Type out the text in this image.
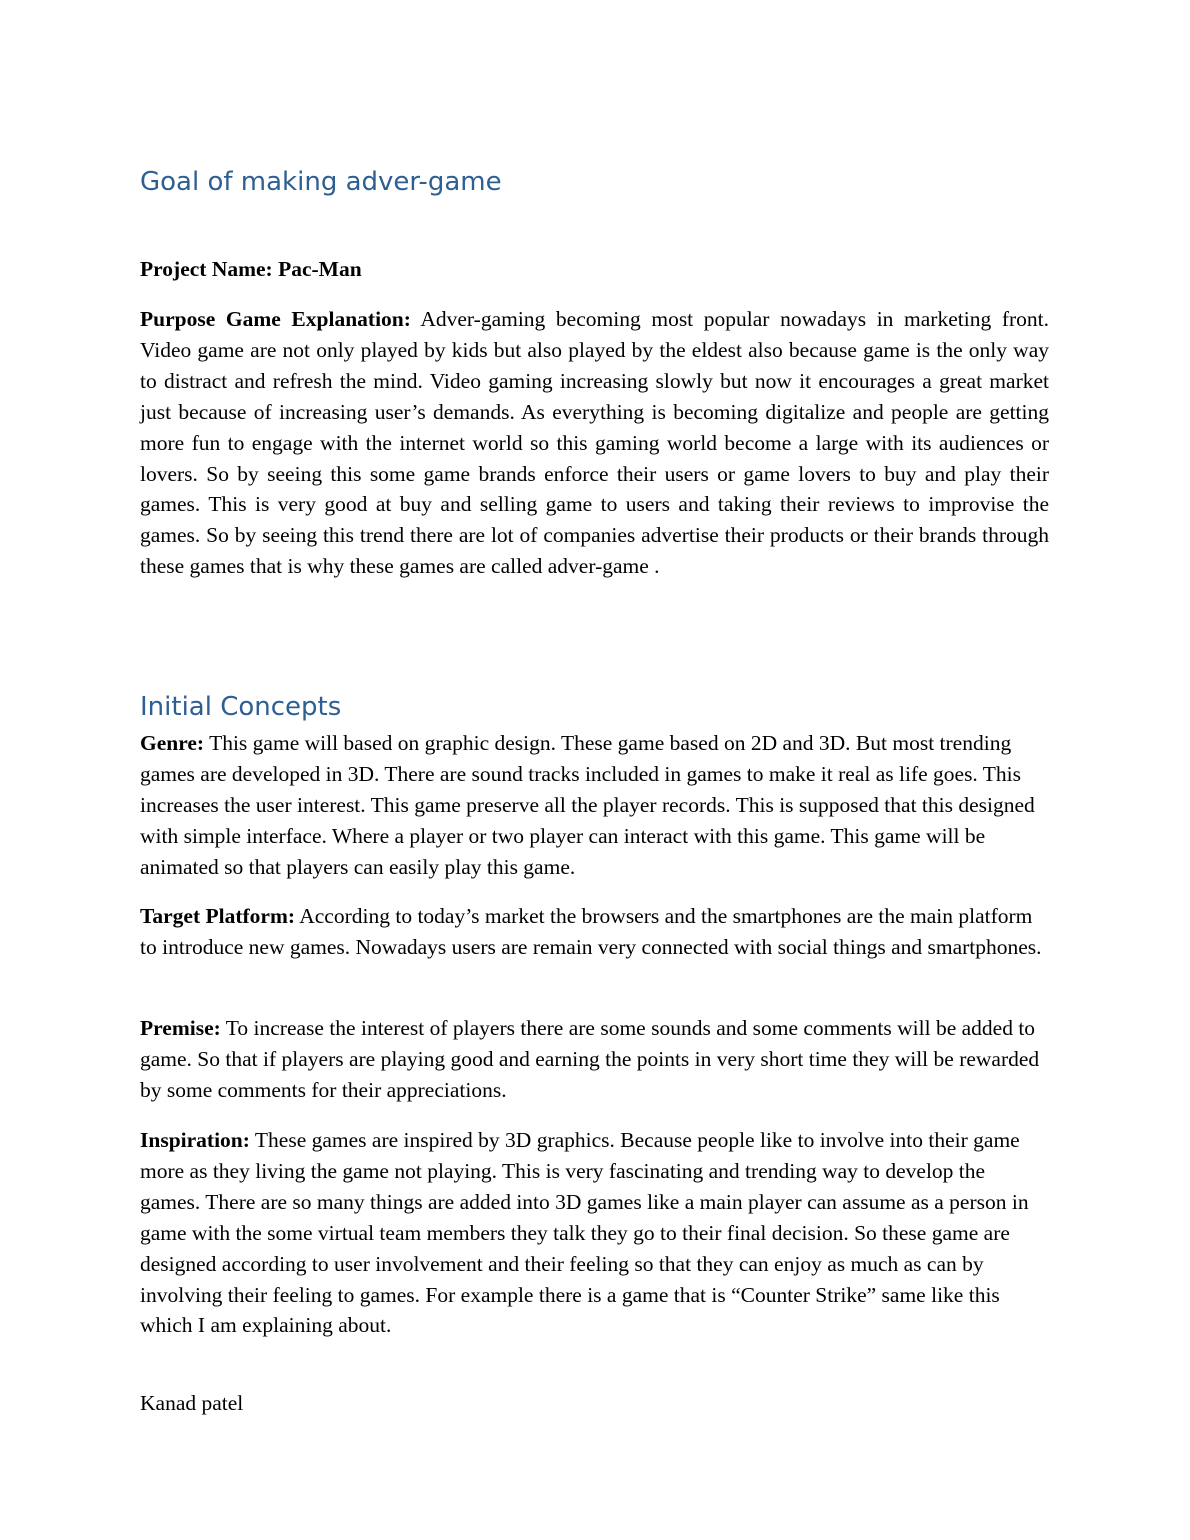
Goal of making adver-game

Project Name: Pac-Man

Purpose Game Explanation: Adver-gaming becoming most popular nowadays in marketing front. Video game are not only played by kids but also played by the eldest also because game is the only way to distract and refresh the mind. Video gaming increasing slowly but now it encourages a great market just because of increasing user’s demands. As everything is becoming digitalize and people are getting more fun to engage with the internet world so this gaming world become a large with its audiences or lovers. So by seeing this some game brands enforce their users or game lovers to buy and play their games. This is very good at buy and selling game to users and taking their reviews to improvise the games. So by seeing this trend there are lot of companies advertise their products or their brands through these games that is why these games are called adver-game .

Initial Concepts

Genre: This game will based on graphic design. These game based on 2D and 3D. But most trending games are developed in 3D. There are sound tracks included in games to make it real as life goes. This increases the user interest. This game preserve all the player records. This is supposed that this designed with simple interface. Where a player or two player can interact with this game. This game will be animated so that players can easily play this game.

Target Platform: According to today’s market the browsers and the smartphones are the main platform to introduce new games. Nowadays users are remain very connected with social things and smartphones.

Premise: To increase the interest of players there are some sounds and some comments will be added to game. So that if players are playing good and earning the points in very short time they will be rewarded by some comments for their appreciations.

Inspiration: These games are inspired by 3D graphics. Because people like to involve into their game more as they living the game not playing. This is very fascinating and trending way to develop the games. There are so many things are added into 3D games like a main player can assume as a person in game with the some virtual team members they talk they go to their final decision. So these game are designed according to user involvement and their feeling so that they can enjoy as much as can by involving their feeling to games. For example there is a game that is “Counter Strike” same like this which I am explaining about.

Kanad patel
